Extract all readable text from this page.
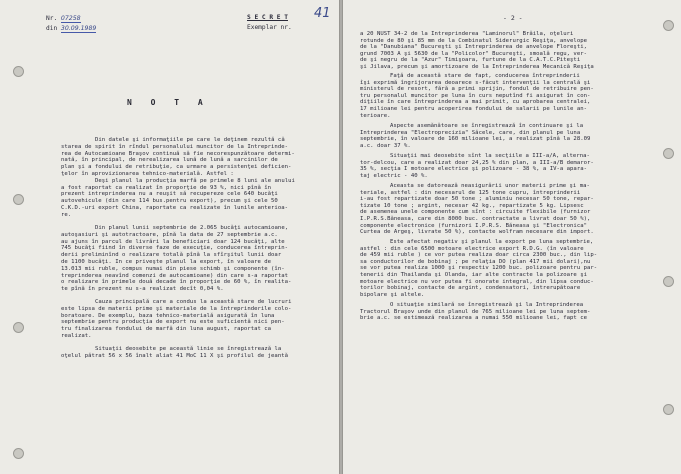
Nr. 07258
din 30.09.1989
S E C R E T
Exemplar nr.
41
N O T A
Din datele şi informaţiile pe care le deţinem rezultă că
starea de spirit în rîndul personalului muncitor de la Intreprinde-
rea de Autocamioane Braşov continuă să fie necorespunzătoare determi-
nată, în principal, de nerealizarea lună de lună a sarcinilor de
plan şi a fondului de retribuţie, ca urmare a persistenţei deficien-
ţelor în aprovizionarea tehnico-materială. Astfel :
Deşi planul la producţia marfă pe primele 8 luni ale anului
a fost raportat ca realizat în proporţie de 93 %, nici pînă în
prezent intreprinderea nu a reuşit să recupereze cele 640 bucăţi
autovehicule (din care 114 bus.pentru export), precum şi cele 50
C.K.D.-uri export China, raportate ca realizate în lunile anterioa-
re.
Din planul lunii septembrie de 2.065 bucăţi autocamioane,
autoşasiuri şi autotractoare, pînă la data de 27 septembrie a.c.
au ajuns în parcul de livrări la beneficiari doar 124 bucăţi, alte
745 bucăţi fiind în diverse faze de execuţie, conducerea întreprin-
derii preliminînd o realizare totală pînă la sfîrşitul lunii doar
de 1100 bucăţi. In ce priveşte planul la export, în valoare de
13.013 mii ruble, compus numai din piese schimb şi componente (în-
treprinderea neavînd comenzi de autocamioane) din care s-a raportat
o realizare în primele două decade în proporţie de 60 %, în realita-
te pînă în prezent nu s-a realizat decît 0,04 %.
Cauza principală care a condus la această stare de lucruri
este lipsa de materii prime şi materiale de la întreprinderile colo-
boratoare. De exemplu, baza tehnico-materială asigurată în luna
septembrie pentru producţia de export nu este suficientă nici pen-
tru finalizarea fondului de marfă din luna august, raportat ca
realizat.
Situaţii deosebite pe această linie se înregistrează la
oţelul pătrat 56 x 56 înalt aliat 41 MoC 11 X şi profilul de jeantă
- 2 -
a 20 NUST 34-2 de la Intreprinderea "Laminorul" Brăila, oţeluri
rotunde de 80 şi 85 mm de la Combinatul Siderurgic Reşiţa, anvelope
de la "Danubiana" Bucureşti şi Intreprinderea de anvelope Floreşti,
grund 7003 A şi 5630 de la "Policolor" Bucureşti, smoală regu, ver-
de şi negru de la "Azur" Timişoara, furtune de la C.A.T.C.Piteşti
şi Jilava, precum şi amortizoare de la Intreprinderea Mecanică Reşiţa
Faţă de această stare de fapt, conducerea întreprinderii
îşi exprimă îngrijorarea deoarece s-făcut intervenţii la centrală şi
ministerul de resort, fără a primi sprijin, fondul de retribuire pen-
tru personalul muncitor pe luna în curs neputînd fi asigurat în con-
diţiile în care întreprinderea a mai primit, cu aprobarea centralei,
17 milioane lei pentru acoperirea fondului de salarii pe lunile an-
terioare.
Aspecte asemănătoare se înregistrează în continuare şi la
Intreprinderea "Electroprecizia" Săcele, care, din planul pe luna
septembrie, în valoare de 160 milioane lei, a realizat pînă la 28.09
a.c. doar 37 %.
Situaţii mai deosebite sînt la secţiile a III-a/A, alterna-
tor-delcou, care a realizat doar 24,25 % din plan, a III-a/B demaror-
35 %, secţia I motoare electrice şi polizoare - 38 %, a IV-a apara-
taj electric - 40 %.
Aceasta se datorează neasigurării unor materii prime şi ma-
teriale, astfel : din necesarul de 125 tone cupru, întreprinderii
i-au fost repartizate doar 50 tone ; aluminiu necesar 50 tone, repar-
tizate 10 tone ; argint, necesar 42 kg., repartizate 5 kg. Lipsesc
de asemenea unele componente cum sînt : circuite flexibile (furnizor
I.P.R.S.Băneasa, care din 8000 buc. contractate a livrat doar 50 %),
componente electronice (furnizori I.P.R.S. Băneasa şi "Electronica"
Curtea de Argeş, livrate 50 %), contacte wolfram necesare din import.
Este afectat negativ şi planul la export pe luna septembrie,
astfel : din cele 6500 motoare electrice export R.D.G. (în valoare
de 459 mii ruble ) ce vor putea realiza doar circa 2300 buc., din lip-
sa conductorilor de bobinaj ; pe relaţia DO (plan 417 mii dolari),nu
se vor putea realiza 1000 şi respectiv 1200 buc. polizoare pentru par-
tenerii din Thailanda şi Olanda, iar alte contracte la polizoare şi
motoare electrice nu vor putea fi onorate integral, din lipsa conduc-
torilor bobinaj, contacte de argint, condensatori, întrerupătoare
bipolare şi altele.
O situaţie similară se înregistrează şi la Intreprinderea
Tractorul Braşov unde din planul de 765 milioane lei pe luna septem-
brie a.c. se estimează realizarea a numai 550 milioane lei, fapt ce
